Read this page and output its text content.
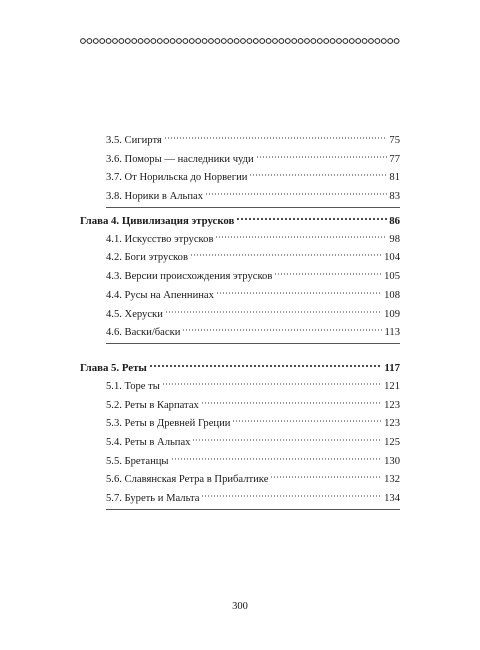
3.5. Сигиртя	75
3.6. Поморы — наследники чуди	77
3.7. От Норильска до Норвегии	81
3.8. Норики в Альпах	83
Глава 4. Цивилизация этрусков	86
4.1. Искусство этрусков	98
4.2. Боги этрусков	104
4.3. Версии происхождения этрусков	105
4.4. Русы на Апеннинах	108
4.5. Херуски	109
4.6. Васки/баски	113
Глава 5. Реты	117
5.1. Торе ты	121
5.2. Реты в Карпатах	123
5.3. Реты в Древней Греции	123
5.4. Реты в Альпах	125
5.5. Бретанцы	130
5.6. Славянская Ретра в Прибалтике	132
5.7. Буреть и Мальта	134
300
